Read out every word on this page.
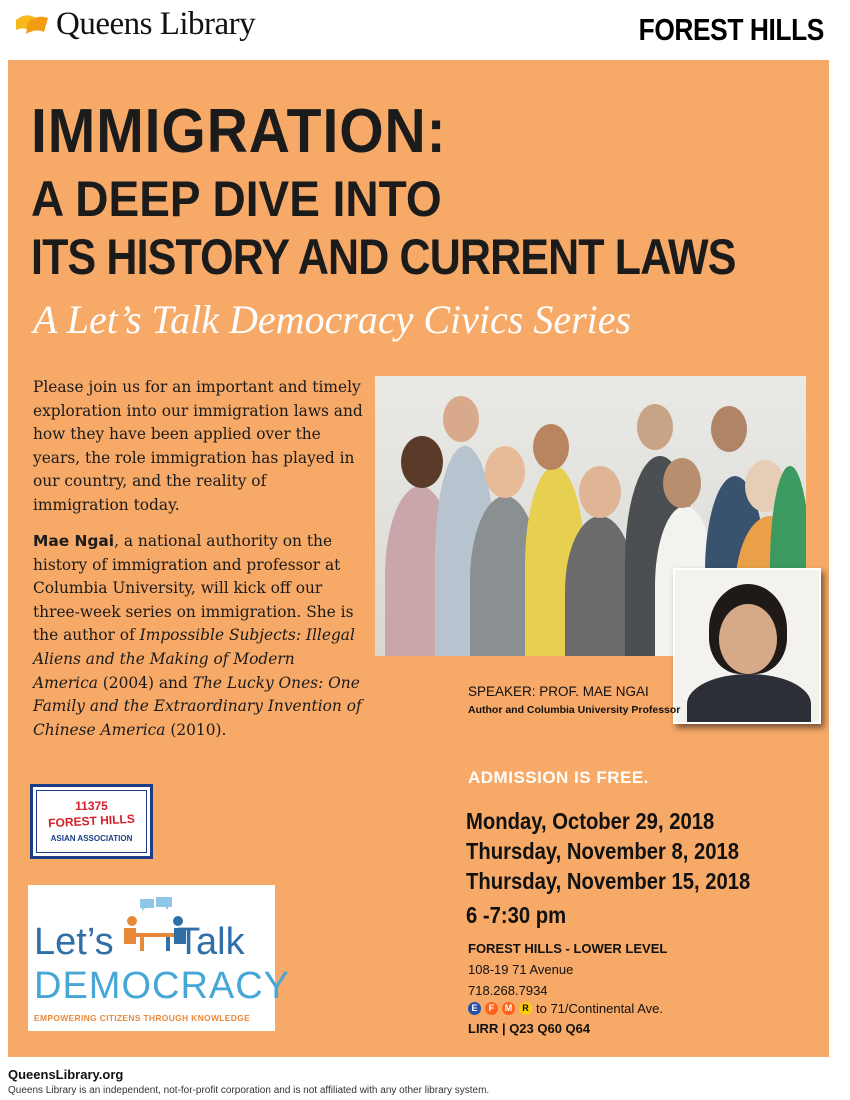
Queens Library	FOREST HILLS
IMMIGRATION:
A DEEP DIVE INTO
ITS HISTORY AND CURRENT LAWS
A Let’s Talk Democracy Civics Series
Please join us for an important and timely exploration into our immigration laws and how they have been applied over the years, the role immigration has played in our country, and the reality of immigration today.
Mae Ngai, a national authority on the history of immigration and professor at Columbia University, will kick off our three-week series on immigration. She is the author of Impossible Subjects: Illegal Aliens and the Making of Modern America (2004) and The Lucky Ones: One Family and the Extraordinary Invention of Chinese America (2010).
SPEAKER: PROF. MAE NGAI
Author and Columbia University Professor
ADMISSION IS FREE.
Monday, October 29, 2018
Thursday, November 8, 2018
Thursday, November 15, 2018
6 -7:30 pm
FOREST HILLS - LOWER LEVEL
108-19 71 Avenue
718.268.7934
E	F	M	R to 71/Continental Ave.
LIRR | Q23 Q60 Q64
11375
FOREST HILLS
ASIAN ASSOCIATION
Let’s Talk
DEMOCRACY
EMPOWERING CITIZENS THROUGH KNOWLEDGE
QueensLibrary.org
Queens Library is an independent, not-for-profit corporation and is not affiliated with any other library system.
